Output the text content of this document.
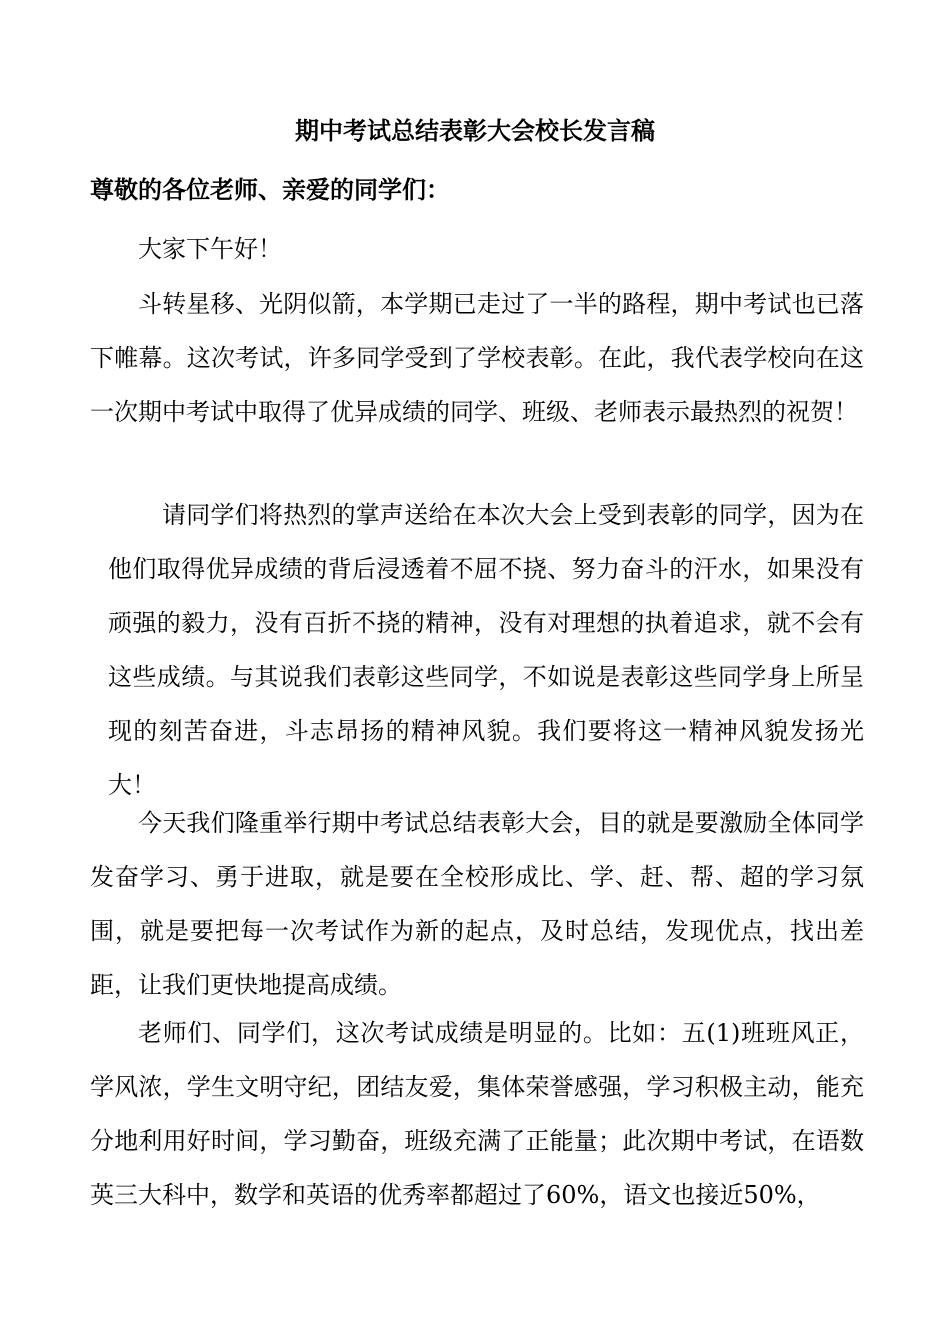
期中考试总结表彰大会校长发言稿
尊敬的各位老师、亲爱的同学们：

大家下午好！

斗转星移、光阴似箭，本学期已走过了一半的路程，期中考试也已落下帷幕。这次考试，许多同学受到了学校表彰。在此，我代表学校向在这一次期中考试中取得了优异成绩的同学、班级、老师表示最热烈的祝贺！

请同学们将热烈的掌声送给在本次大会上受到表彰的同学，因为在他们取得优异成绩的背后浸透着不屈不挠、努力奋斗的汗水，如果没有顽强的毅力，没有百折不挠的精神，没有对理想的执着追求，就不会有这些成绩。与其说我们表彰这些同学，不如说是表彰这些同学身上所呈现的刻苦奋进，斗志昂扬的精神风貌。我们要将这一精神风貌发扬光大！

今天我们隆重举行期中考试总结表彰大会，目的就是要激励全体同学发奋学习、勇于进取，就是要在全校形成比、学、赶、帮、超的学习氛围，就是要把每一次考试作为新的起点，及时总结，发现优点，找出差距，让我们更快地提高成绩。

老师们、同学们，这次考试成绩是明显的。比如：五(1)班班风正，学风浓，学生文明守纪，团结友爱，集体荣誉感强，学习积极主动，能充分地利用好时间，学习勤奋，班级充满了正能量；此次期中考试，在语数英三大科中，数学和英语的优秀率都超过了60%，语文也接近50%，
